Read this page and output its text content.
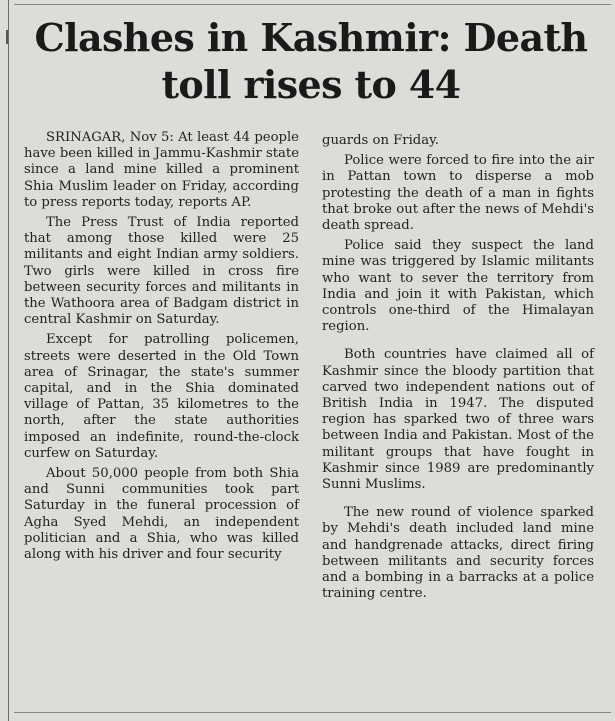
Clashes in Kashmir: Death toll rises to 44

SRINAGAR, Nov 5: At least 44 people have been killed in Jammu-Kashmir state since a land mine killed a prominent Shia Muslim leader on Friday, according to press reports today, reports AP.

The Press Trust of India reported that among those killed were 25 militants and eight Indian army soldiers. Two girls were killed in cross fire between security forces and militants in the Wathoora area of Badgam district in central Kashmir on Saturday.

Except for patrolling policemen, streets were deserted in the Old Town area of Srinagar, the state's summer capital, and in the Shia dominated village of Pattan, 35 kilometres to the north, after the state authorities imposed an indefinite, round-the-clock curfew on Saturday.

About 50,000 people from both Shia and Sunni communities took part Saturday in the funeral procession of Agha Syed Mehdi, an independent politician and a Shia, who was killed along with his driver and four security

guards on Friday.

Police were forced to fire into the air in Pattan town to disperse a mob protesting the death of a man in fights that broke out after the news of Mehdi's death spread.

Police said they suspect the land mine was triggered by Islamic militants who want to sever the territory from India and join it with Pakistan, which controls one-third of the Himalayan region.

Both countries have claimed all of Kashmir since the bloody partition that carved two independent nations out of British India in 1947. The disputed region has sparked two of three wars between India and Pakistan. Most of the militant groups that have fought in Kashmir since 1989 are predominantly Sunni Muslims.

The new round of violence sparked by Mehdi's death included land mine and handgrenade attacks, direct firing between militants and security forces and a bombing in a barracks at a police training centre.
